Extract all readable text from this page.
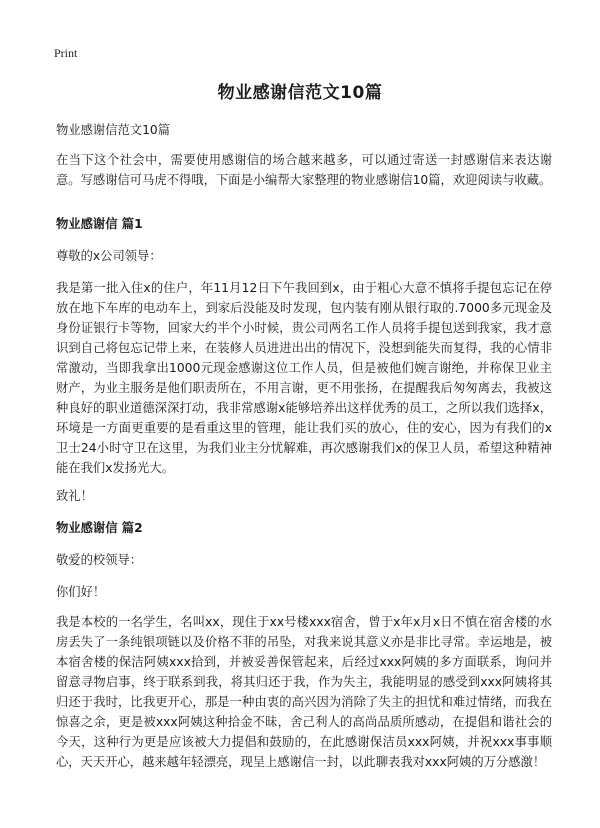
Print
物业感谢信范文10篇

物业感谢信范文10篇

在当下这个社会中，需要使用感谢信的场合越来越多，可以通过寄送一封感谢信来表达谢意。写感谢信可马虎不得哦，下面是小编帮大家整理的物业感谢信10篇，欢迎阅读与收藏。

物业感谢信 篇1

尊敬的x公司领导：

我是第一批入住x的住户，年11月12日下午我回到x，由于粗心大意不慎将手提包忘记在停放在地下车库的电动车上，到家后没能及时发现，包内装有刚从银行取的.7000多元现金及身份证银行卡等物，回家大约半个小时候，贵公司两名工作人员将手提包送到我家，我才意识到自己将包忘记带上来，在装修人员进进出出的情况下，没想到能失而复得，我的心情非常激动，当即我拿出1000元现金感谢这位工作人员，但是被他们婉言谢绝，并称保卫业主财产，为业主服务是他们职责所在，不用言谢，更不用张扬，在提醒我后匆匆离去，我被这种良好的职业道德深深打动，我非常感谢x能够培养出这样优秀的员工，之所以我们选择x，环境是一方面更重要的是看重这里的管理，能让我们买的放心，住的安心，因为有我们的x卫士24小时守卫在这里，为我们业主分忧解难，再次感谢我们x的保卫人员，希望这种精神能在我们x发扬光大。

致礼！

物业感谢信 篇2

敬爱的校领导：

你们好！

我是本校的一名学生，名叫xx，现住于xx号楼xxx宿舍，曾于x年x月x日不慎在宿舍楼的水房丢失了一条纯银项链以及价格不菲的吊坠，对我来说其意义亦是非比寻常。幸运地是，被本宿舍楼的保洁阿姨xxx拾到，并被妥善保管起来，后经过xxx阿姨的多方面联系，询问并留意寻物启事，终于联系到我，将其归还于我，作为失主，我能明显的感受到xxx阿姨将其归还于我时，比我更开心，那是一种由衷的高兴因为消除了失主的担忧和难过情绪，而我在惊喜之余，更是被xxx阿姨这种拾金不昧，舍己利人的高尚品质所感动，在提倡和谐社会的今天，这种行为更是应该被大力提倡和鼓励的，在此感谢保洁员xxx阿姨，并祝xxx事事顺心，天天开心，越来越年轻漂亮，现呈上感谢信一封，以此聊表我对xxx阿姨的万分感激！
